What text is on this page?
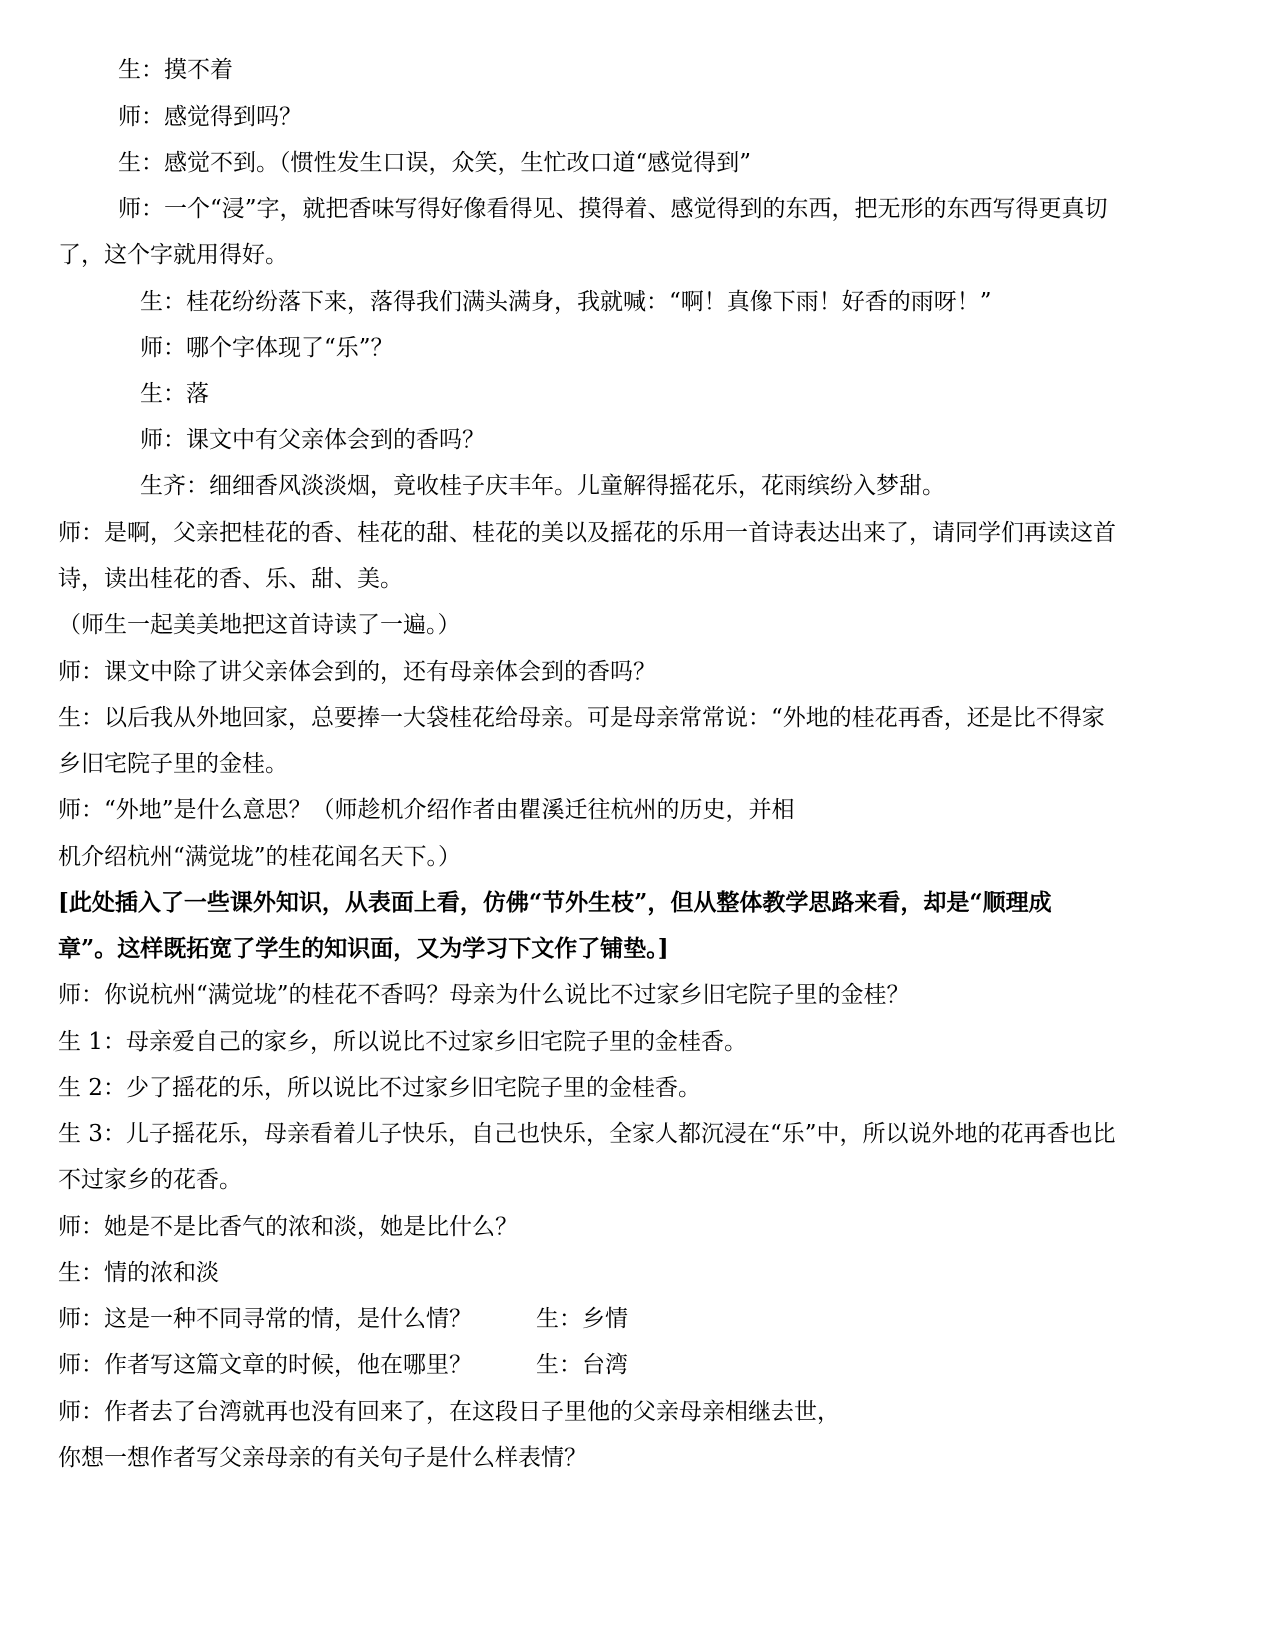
生：摸不着
师：感觉得到吗？
生：感觉不到。（惯性发生口误，众笑，生忙改口道“感觉得到”
师：一个“浸”字，就把香味写得好像看得见、摸得着、感觉得到的东西，把无形的东西写得更真切
了，这个字就用得好。
生：桂花纷纷落下来，落得我们满头满身，我就喊：“啊！真像下雨！好香的雨呀！”
师：哪个字体现了“乐”？
生：落
师：课文中有父亲体会到的香吗？
生齐：细细香风淡淡烟，竟收桂子庆丰年。儿童解得摇花乐，花雨缤纷入梦甜。
师：是啊，父亲把桂花的香、桂花的甜、桂花的美以及摇花的乐用一首诗表达出来了，请同学们再读这首
诗，读出桂花的香、乐、甜、美。
（师生一起美美地把这首诗读了一遍。）
师：课文中除了讲父亲体会到的，还有母亲体会到的香吗？
生：以后我从外地回家，总要捧一大袋桂花给母亲。可是母亲常常说：“外地的桂花再香，还是比不得家
乡旧宅院子里的金桂。
师：“外地”是什么意思？（师趁机介绍作者由瞿溪迁往杭州的历史，并相
机介绍杭州“满觉垅”的桂花闻名天下。）
[此处插入了一些课外知识，从表面上看，仿佛“节外生枝”，但从整体教学思路来看，却是“顺理成
章”。这样既拓宽了学生的知识面，又为学习下文作了铺垫。]
师：你说杭州“满觉垅”的桂花不香吗？母亲为什么说比不过家乡旧宅院子里的金桂？
生 1：母亲爱自己的家乡，所以说比不过家乡旧宅院子里的金桂香。
生 2：少了摇花的乐，所以说比不过家乡旧宅院子里的金桂香。
生 3：儿子摇花乐，母亲看着儿子快乐，自己也快乐，全家人都沉浸在“乐”中，所以说外地的花再香也比
不过家乡的花香。
师：她是不是比香气的浓和淡，她是比什么？
生：情的浓和淡
师：这是一种不同寻常的情，是什么情？	生：乡情
师：作者写这篇文章的时候，他在哪里？	生：台湾
师：作者去了台湾就再也没有回来了，在这段日子里他的父亲母亲相继去世，
你想一想作者写父亲母亲的有关句子是什么样表情？
